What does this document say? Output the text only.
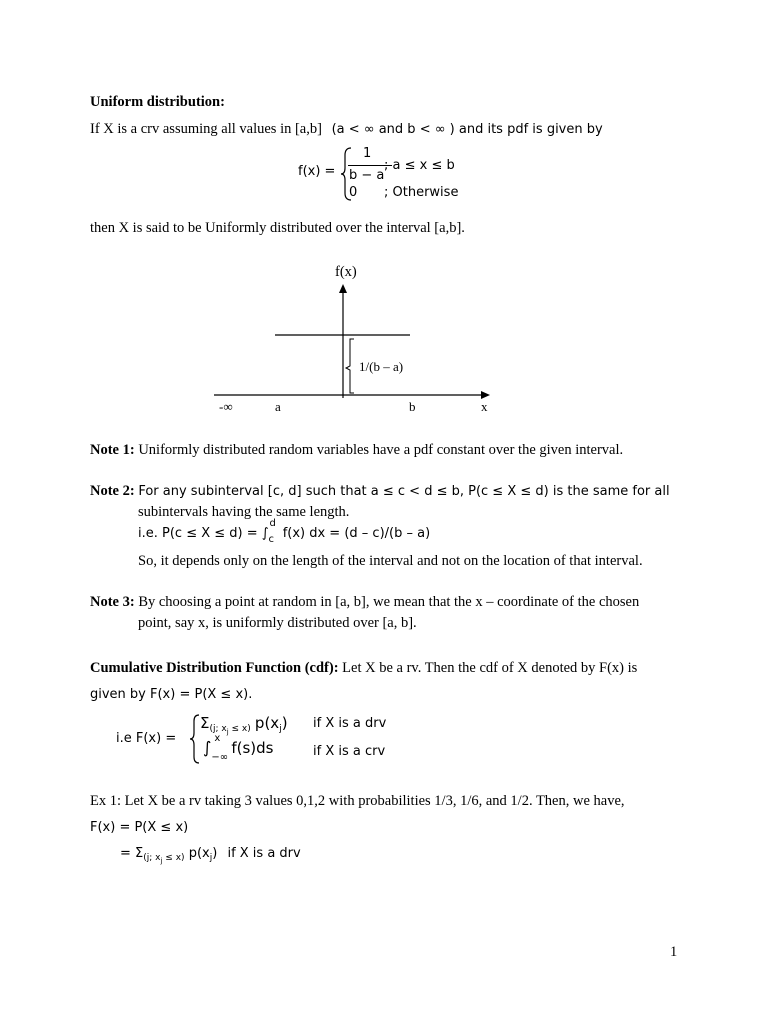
Uniform distribution:
If X is a crv assuming all values in [a,b] (a < ∞ and b < ∞ ) and its pdf is given by
f(x) =
1
b − a
; a ≤ x ≤ b
0 ; Otherwise
then X is said to be Uniformly distributed over the interval [a,b].
f(x)
1/(b – a)
-∞	a	b	x
Note 1: Uniformly distributed random variables have a pdf constant over the given interval.
Note 2: For any subinterval [c, d] such that a ≤ c < d ≤ b, P(c ≤ X ≤ d) is the same for all
subintervals having the same length.
i.e. P(c ≤ X ≤ d) = ∫
d
c f(x) dx = (d – c)/(b – a)
So, it depends only on the length of the interval and not on the location of that interval.
Note 3: By choosing a point at random in [a, b], we mean that the x – coordinate of the chosen
point, say x, is uniformly distributed over [a, b].
Cumulative Distribution Function (cdf): Let X be a rv. Then the cdf of X denoted by F(x) is
given by F(x) = P(X ≤ x).
i.e F(x) =
$\Sigma_{(j; x_j \le x)}$ $p(x_j)$ if X is a drv
∫ x
−∞ f(s)ds	if X is a crv
Ex 1: Let X be a rv taking 3 values 0,1,2 with probabilities 1/3, 1/6, and 1/2. Then, we have,
F(x) = P(X ≤ x)
= $\Sigma_{(j; x_j \le x)}$ $p(x_j)$ if X is a drv
1
